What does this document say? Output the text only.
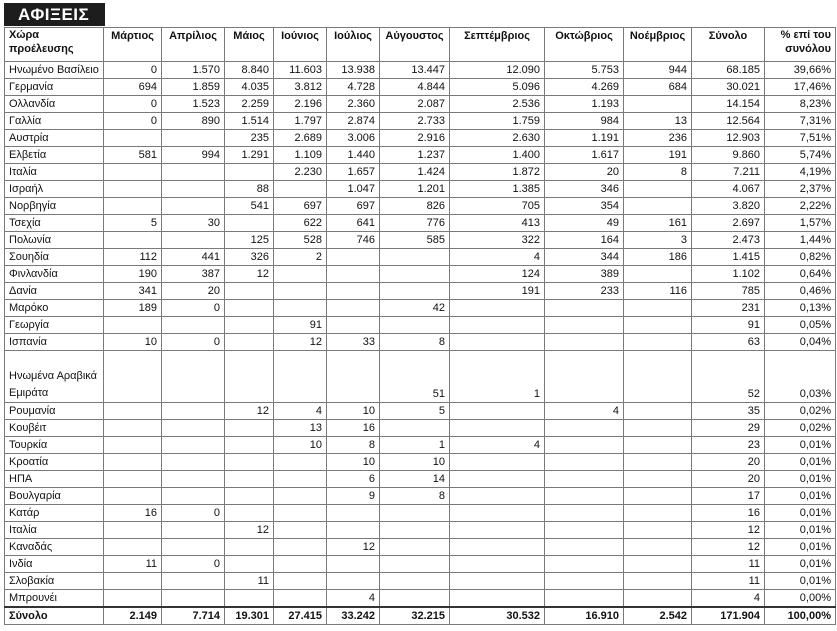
ΑΦΙΞΕΙΣ
Χώρα προέλευσης	Μάρτιος	Απρίλιος	Μάιος	Ιούνιος	Ιούλιος	Αύγουστος	Σεπτέμβριος	Οκτώβριος	Νοέμβριος	Σύνολο	% επί του συνόλου
Ηνωμένο Βασίλειο	0	1.570	8.840	11.603	13.938	13.447	12.090	5.753	944	68.185	39,66%
Γερμανία	694	1.859	4.035	3.812	4.728	4.844	5.096	4.269	684	30.021	17,46%
Ολλανδία	0	1.523	2.259	2.196	2.360	2.087	2.536	1.193		14.154	8,23%
Γαλλία	0	890	1.514	1.797	2.874	2.733	1.759	984	13	12.564	7,31%
Αυστρία			235	2.689	3.006	2.916	2.630	1.191	236	12.903	7,51%
Ελβετία	581	994	1.291	1.109	1.440	1.237	1.400	1.617	191	9.860	5,74%
Ιταλία				2.230	1.657	1.424	1.872	20	8	7.211	4,19%
Ισραήλ			88		1.047	1.201	1.385	346		4.067	2,37%
Νορβηγία			541	697	697	826	705	354		3.820	2,22%
Τσεχία	5	30		622	641	776	413	49	161	2.697	1,57%
Πολωνία			125	528	746	585	322	164	3	2.473	1,44%
Σουηδία	112	441	326	2			4	344	186	1.415	0,82%
Φινλανδία	190	387	12				124	389		1.102	0,64%
Δανία	341	20					191	233	116	785	0,46%
Μαρόκο	189	0				42				231	0,13%
Γεωργία				91						91	0,05%
Ισπανία	10	0		12	33	8				63	0,04%
Ηνωμένα Αραβικά Εμιράτα						51	1			52	0,03%
Ρουμανία			12	4	10	5		4		35	0,02%
Κουβέιτ				13	16					29	0,02%
Τουρκία				10	8	1	4			23	0,01%
Κροατία					10	10				20	0,01%
ΗΠΑ					6	14				20	0,01%
Βουλγαρία					9	8				17	0,01%
Κατάρ	16	0								16	0,01%
Ιταλία			12							12	0,01%
Καναδάς					12					12	0,01%
Ινδία	11	0								11	0,01%
Σλοβακία			11							11	0,01%
Μπρουνέι					4					4	0,00%
Σύνολο	2.149	7.714	19.301	27.415	33.242	32.215	30.532	16.910	2.542	171.904	100,00%
